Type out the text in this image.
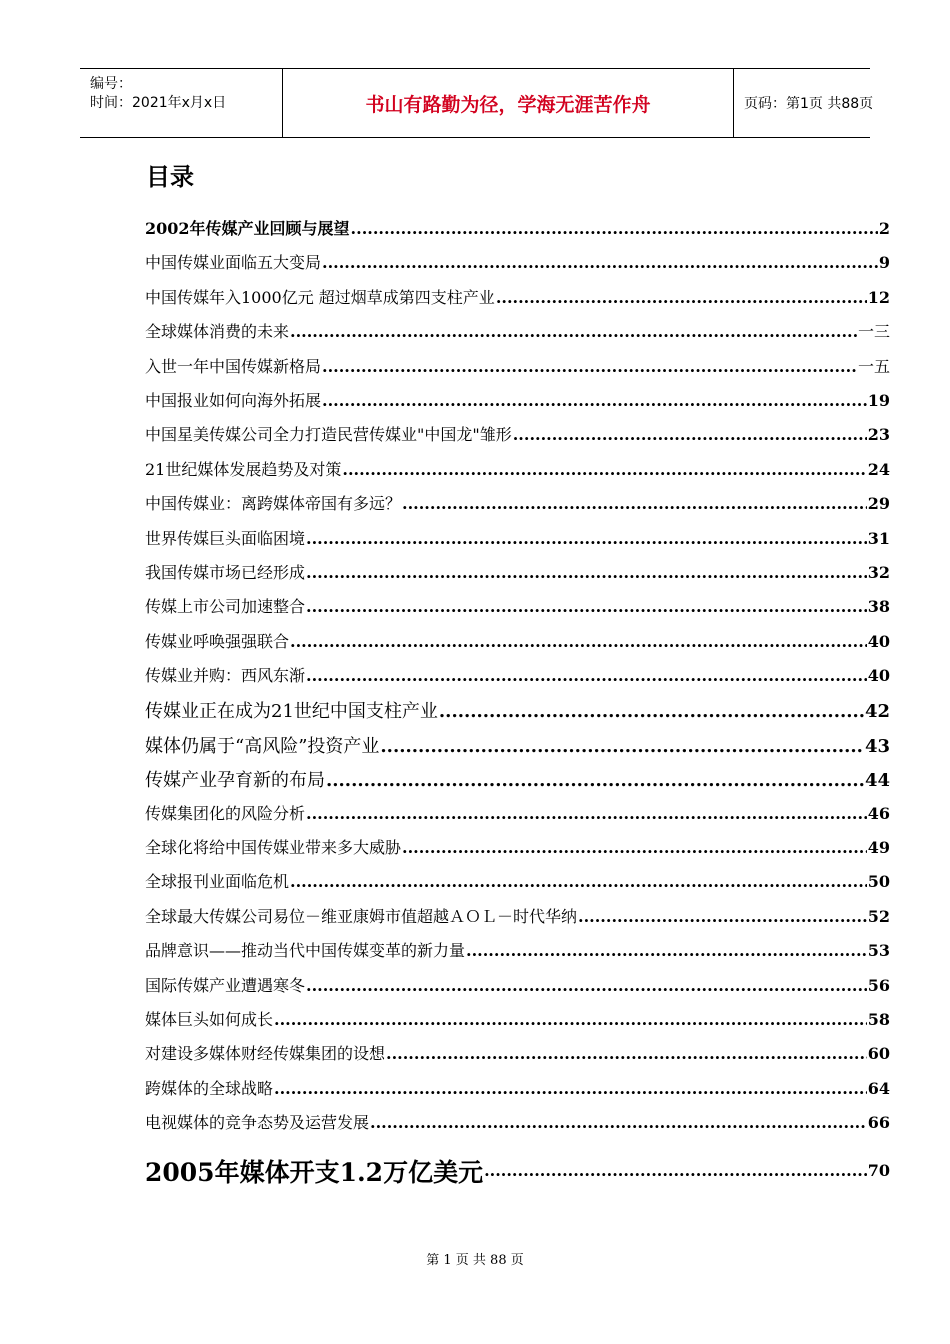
编号：
时间：2021年x月x日	书山有路勤为径，学海无涯苦作舟	页码：第1页 共88页
目录
2002年传媒产业回顾与展望 .....	2
中国传媒业面临五大变局 .....	9
中国传媒年入1000亿元 超过烟草成第四支柱产业 .....	12
全球媒体消费的未来 .....	一三
入世一年中国传媒新格局 .....	一五
中国报业如何向海外拓展 .....	19
中国星美传媒公司全力打造民营传媒业"中国龙"雏形 .....	23
21世纪媒体发展趋势及对策 .....	24
中国传媒业：离跨媒体帝国有多远？ .....	29
世界传媒巨头面临困境 .....	31
我国传媒市场已经形成 .....	32
传媒上市公司加速整合 .....	38
传媒业呼唤强强联合 .....	40
传媒业并购：西风东渐 .....	40
传媒业正在成为21世纪中国支柱产业 .....	42
媒体仍属于“高风险”投资产业 .....	43
传媒产业孕育新的布局 .....	44
传媒集团化的风险分析 .....	46
全球化将给中国传媒业带来多大威胁 .....	49
全球报刊业面临危机 .....	50
全球最大传媒公司易位－维亚康姆市值超越ＡＯＬ－时代华纳 .....	52
品牌意识——推动当代中国传媒变革的新力量 .....	53
国际传媒产业遭遇寒冬 .....	56
媒体巨头如何成长 .....	58
对建设多媒体财经传媒集团的设想 .....	60
跨媒体的全球战略 .....	64
电视媒体的竞争态势及运营发展 .....	66
2005年媒体开支1.2万亿美元 .....	70
第 1 页 共 88 页
